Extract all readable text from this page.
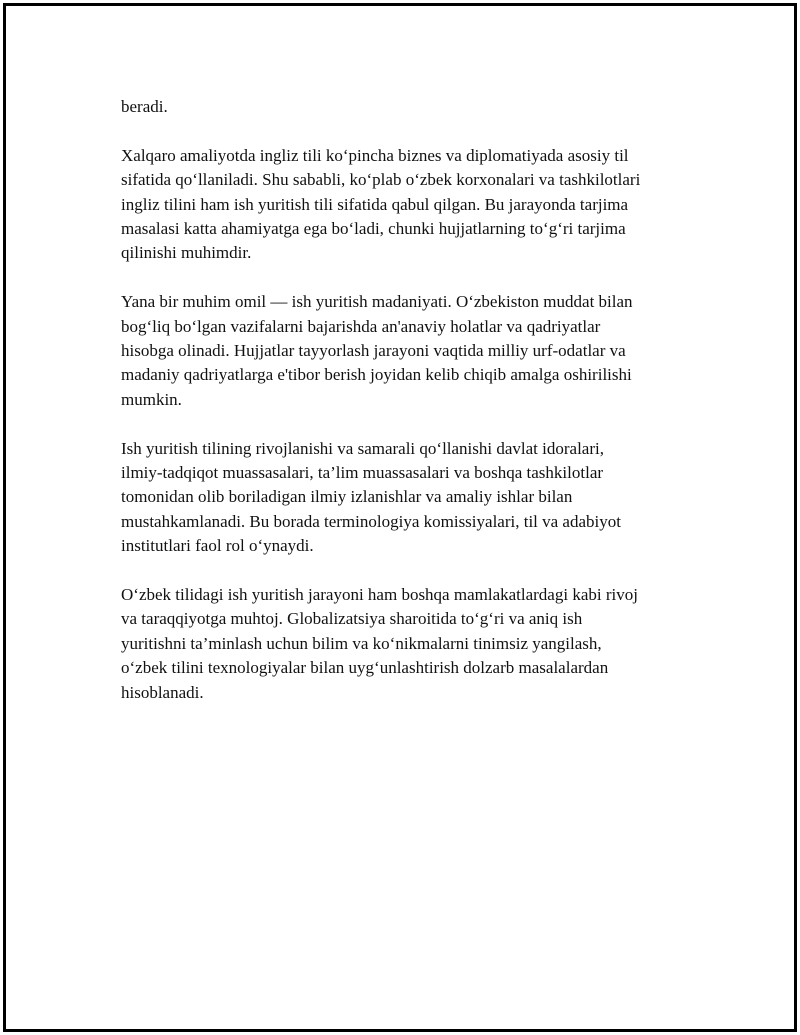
beradi.

Xalqaro amaliyotda ingliz tili ko‘pincha biznes va diplomatiyada asosiy til
sifatida qo‘llaniladi. Shu sababli, ko‘plab o‘zbek korxonalari va tashkilotlari
ingliz tilini ham ish yuritish tili sifatida qabul qilgan. Bu jarayonda tarjima
masalasi katta ahamiyatga ega bo‘ladi, chunki hujjatlarning to‘g‘ri tarjima
qilinishi muhimdir.

Yana bir muhim omil — ish yuritish madaniyati. O‘zbekiston muddat bilan
bog‘liq bo‘lgan vazifalarni bajarishda an'anaviy holatlar va qadriyatlar
hisobga olinadi. Hujjatlar tayyorlash jarayoni vaqtida milliy urf-odatlar va
madaniy qadriyatlarga e'tibor berish joyidan kelib chiqib amalga oshirilishi
mumkin.

Ish yuritish tilining rivojlanishi va samarali qo‘llanishi davlat idoralari,
ilmiy-tadqiqot muassasalari, ta’lim muassasalari va boshqa tashkilotlar
tomonidan olib boriladigan ilmiy izlanishlar va amaliy ishlar bilan
mustahkamlanadi. Bu borada terminologiya komissiyalari, til va adabiyot
institutlari faol rol o‘ynaydi.

O‘zbek tilidagi ish yuritish jarayoni ham boshqa mamlakatlardagi kabi rivoj
va taraqqiyotga muhtoj. Globalizatsiya sharoitida to‘g‘ri va aniq ish
yuritishni ta’minlash uchun bilim va ko‘nikmalarni tinimsiz yangilash,
o‘zbek tilini texnologiyalar bilan uyg‘unlashtirish dolzarb masalalardan
hisoblanadi.
